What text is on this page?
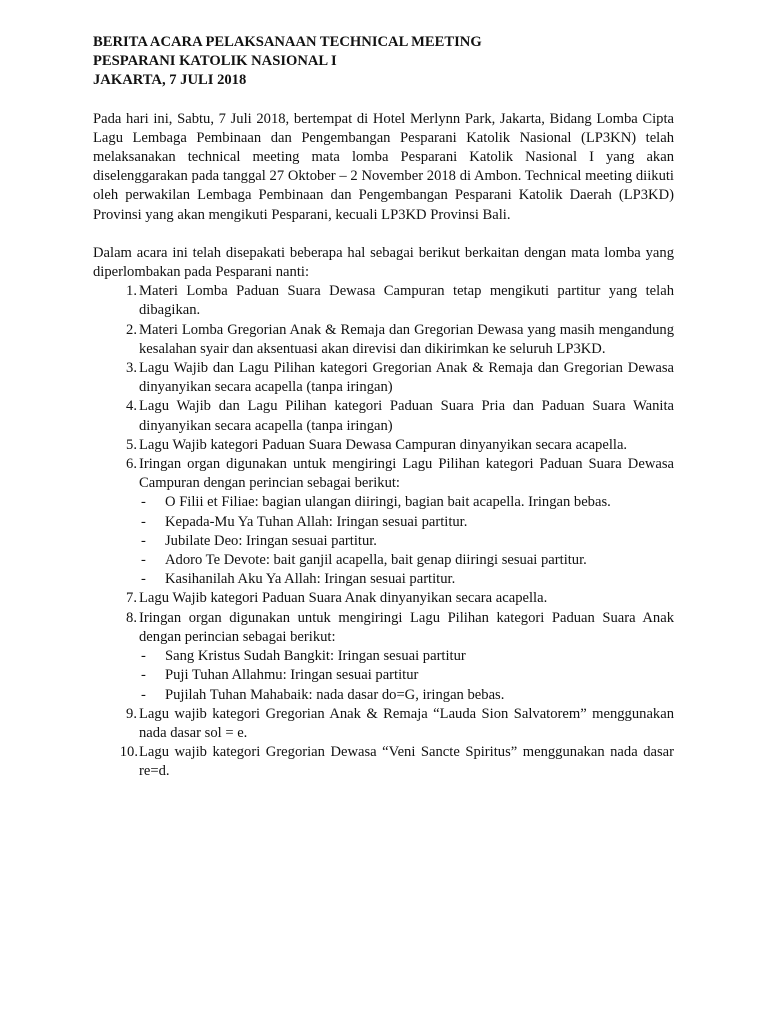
BERITA ACARA PELAKSANAAN TECHNICAL MEETING
PESPARANI KATOLIK NASIONAL I
JAKARTA, 7 JULI 2018

Pada hari ini, Sabtu, 7 Juli 2018, bertempat di Hotel Merlynn Park, Jakarta, Bidang Lomba Cipta Lagu Lembaga Pembinaan dan Pengembangan Pesparani Katolik Nasional (LP3KN) telah melaksanakan technical meeting mata lomba Pesparani Katolik Nasional I yang akan diselenggarakan pada tanggal 27 Oktober – 2 November 2018 di Ambon. Technical meeting diikuti oleh perwakilan Lembaga Pembinaan dan Pengembangan Pesparani Katolik Daerah (LP3KD) Provinsi yang akan mengikuti Pesparani, kecuali LP3KD Provinsi Bali.

Dalam acara ini telah disepakati beberapa hal sebagai berikut berkaitan dengan mata lomba yang diperlombakan pada Pesparani nanti:

1. Materi Lomba Paduan Suara Dewasa Campuran tetap mengikuti partitur yang telah dibagikan.
2. Materi Lomba Gregorian Anak & Remaja dan Gregorian Dewasa yang masih mengandung kesalahan syair dan aksentuasi akan direvisi dan dikirimkan ke seluruh LP3KD.
3. Lagu Wajib dan Lagu Pilihan kategori Gregorian Anak & Remaja dan Gregorian Dewasa dinyanyikan secara acapella (tanpa iringan)
4. Lagu Wajib dan Lagu Pilihan kategori Paduan Suara Pria dan Paduan Suara Wanita dinyanyikan secara acapella (tanpa iringan)
5. Lagu Wajib kategori Paduan Suara Dewasa Campuran dinyanyikan secara acapella.
6. Iringan organ digunakan untuk mengiringi Lagu Pilihan kategori Paduan Suara Dewasa Campuran dengan perincian sebagai berikut:
- O Filii et Filiae: bagian ulangan diiringi, bagian bait acapella. Iringan bebas.
- Kepada-Mu Ya Tuhan Allah: Iringan sesuai partitur.
- Jubilate Deo: Iringan sesuai partitur.
- Adoro Te Devote: bait ganjil acapella, bait genap diiringi sesuai partitur.
- Kasihanilah Aku Ya Allah: Iringan sesuai partitur.
7. Lagu Wajib kategori Paduan Suara Anak dinyanyikan secara acapella.
8. Iringan organ digunakan untuk mengiringi Lagu Pilihan kategori Paduan Suara Anak dengan perincian sebagai berikut:
- Sang Kristus Sudah Bangkit: Iringan sesuai partitur
- Puji Tuhan Allahmu: Iringan sesuai partitur
- Pujilah Tuhan Mahabaik: nada dasar do=G, iringan bebas.
9. Lagu wajib kategori Gregorian Anak & Remaja “Lauda Sion Salvatorem” menggunakan nada dasar sol = e.
10. Lagu wajib kategori Gregorian Dewasa “Veni Sancte Spiritus” menggunakan nada dasar re=d.
